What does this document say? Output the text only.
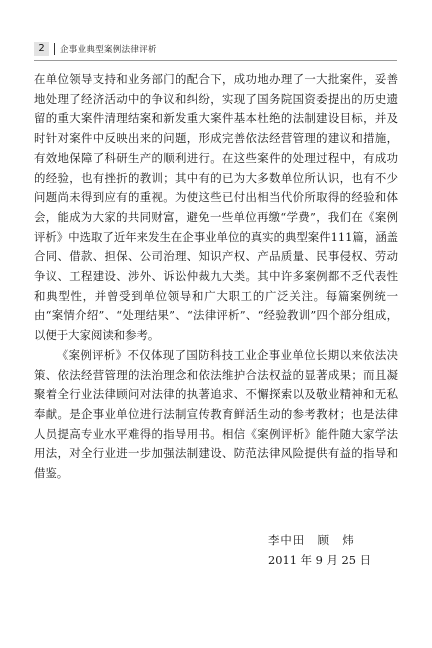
2	企事业典型案例法律评析

在单位领导支持和业务部门的配合下，成功地办理了一大批案件，妥善地处理了经济活动中的争议和纠纷，实现了国务院国资委提出的历史遗留的重大案件清理结案和新发重大案件基本杜绝的法制建设目标，并及时针对案件中反映出来的问题，形成完善依法经营管理的建议和措施，有效地保障了科研生产的顺利进行。在这些案件的处理过程中，有成功的经验，也有挫折的教训；其中有的已为大多数单位所认识，也有不少问题尚未得到应有的重视。为使这些已付出相当代价所取得的经验和体会，能成为大家的共同财富，避免一些单位再缴“学费”，我们在《案例评析》中选取了近年来发生在企事业单位的真实的典型案件111篇，涵盖合同、借款、担保、公司治理、知识产权、产品质量、民事侵权、劳动争议、工程建设、涉外、诉讼仲裁九大类。其中许多案例都不乏代表性和典型性，并曾受到单位领导和广大职工的广泛关注。每篇案例统一由“案情介绍”、“处理结果”、“法律评析”、“经验教训”四个部分组成，以便于大家阅读和参考。

《案例评析》不仅体现了国防科技工业企事业单位长期以来依法决策、依法经营管理的法治理念和依法维护合法权益的显著成果；而且凝聚着全行业法律顾问对法律的执著追求、不懈探索以及敬业精神和无私奉献。是企事业单位进行法制宣传教育鲜活生动的参考教材；也是法律人员提高专业水平难得的指导用书。相信《案例评析》能件随大家学法用法，对全行业进一步加强法制建设、防范法律风险提供有益的指导和借鉴。

李中田　顾　炜
2011 年 9 月 25 日
